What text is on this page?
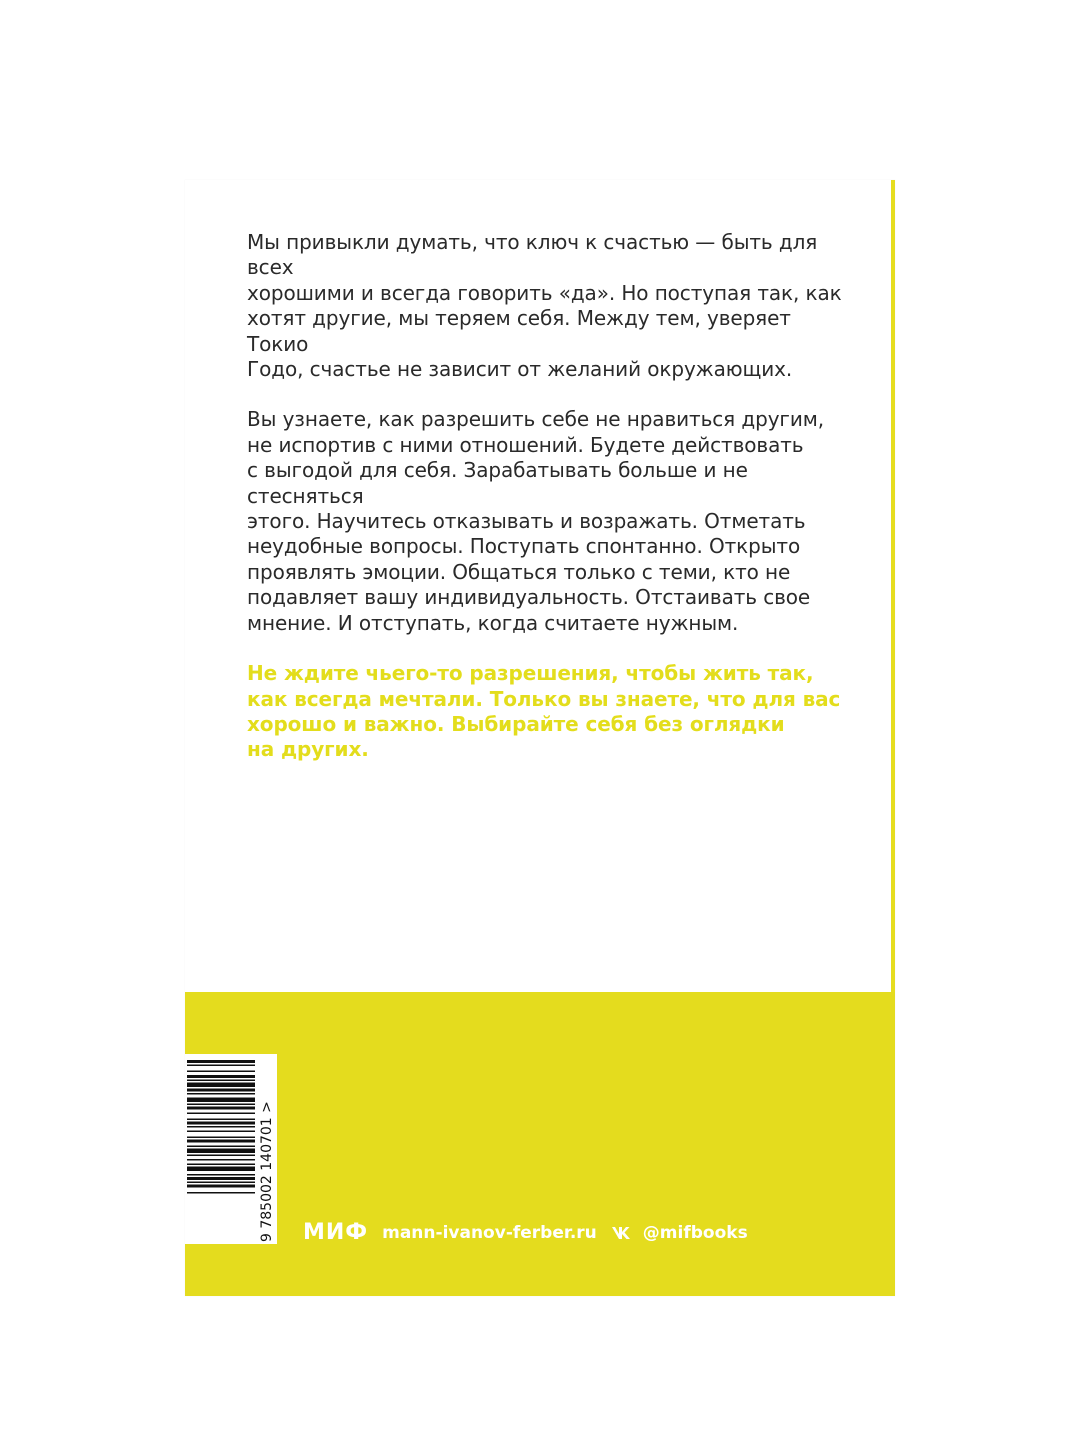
Мы привыкли думать, что ключ к счастью — быть для всех
хорошими и всегда говорить «да». Но поступая так, как
хотят другие, мы теряем себя. Между тем, уверяет Токио
Годо, счастье не зависит от желаний окружающих.

Вы узнаете, как разрешить себе не нравиться другим,
не испортив с ними отношений. Будете действовать
с выгодой для себя. Зарабатывать больше и не стесняться
этого. Научитесь отказывать и возражать. Отметать
неудобные вопросы. Поступать спонтанно. Открыто
проявлять эмоции. Общаться только с теми, кто не
подавляет вашу индивидуальность. Отстаивать свое
мнение. И отступать, когда считаете нужным.

Не ждите чьего-то разрешения, чтобы жить так,
как всегда мечтали. Только вы знаете, что для вас
хорошо и важно. Выбирайте себя без оглядки
на других.

9 785002 140701 > МИФ mann-ivanov-ferber.ru	@mifbooks
